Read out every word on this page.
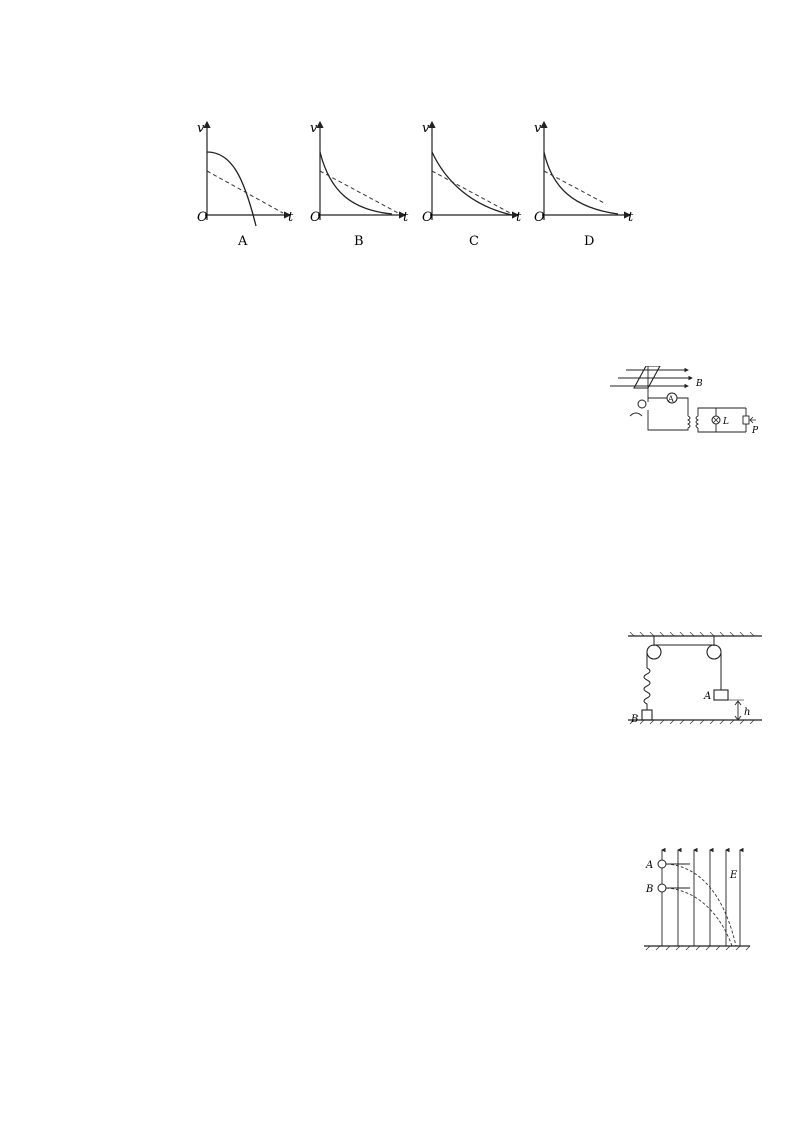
v
t
O
A
v
t
O
B
v
t
O
C
v
t
O
D
A
L
B
P
A
B
h
A
B
E
